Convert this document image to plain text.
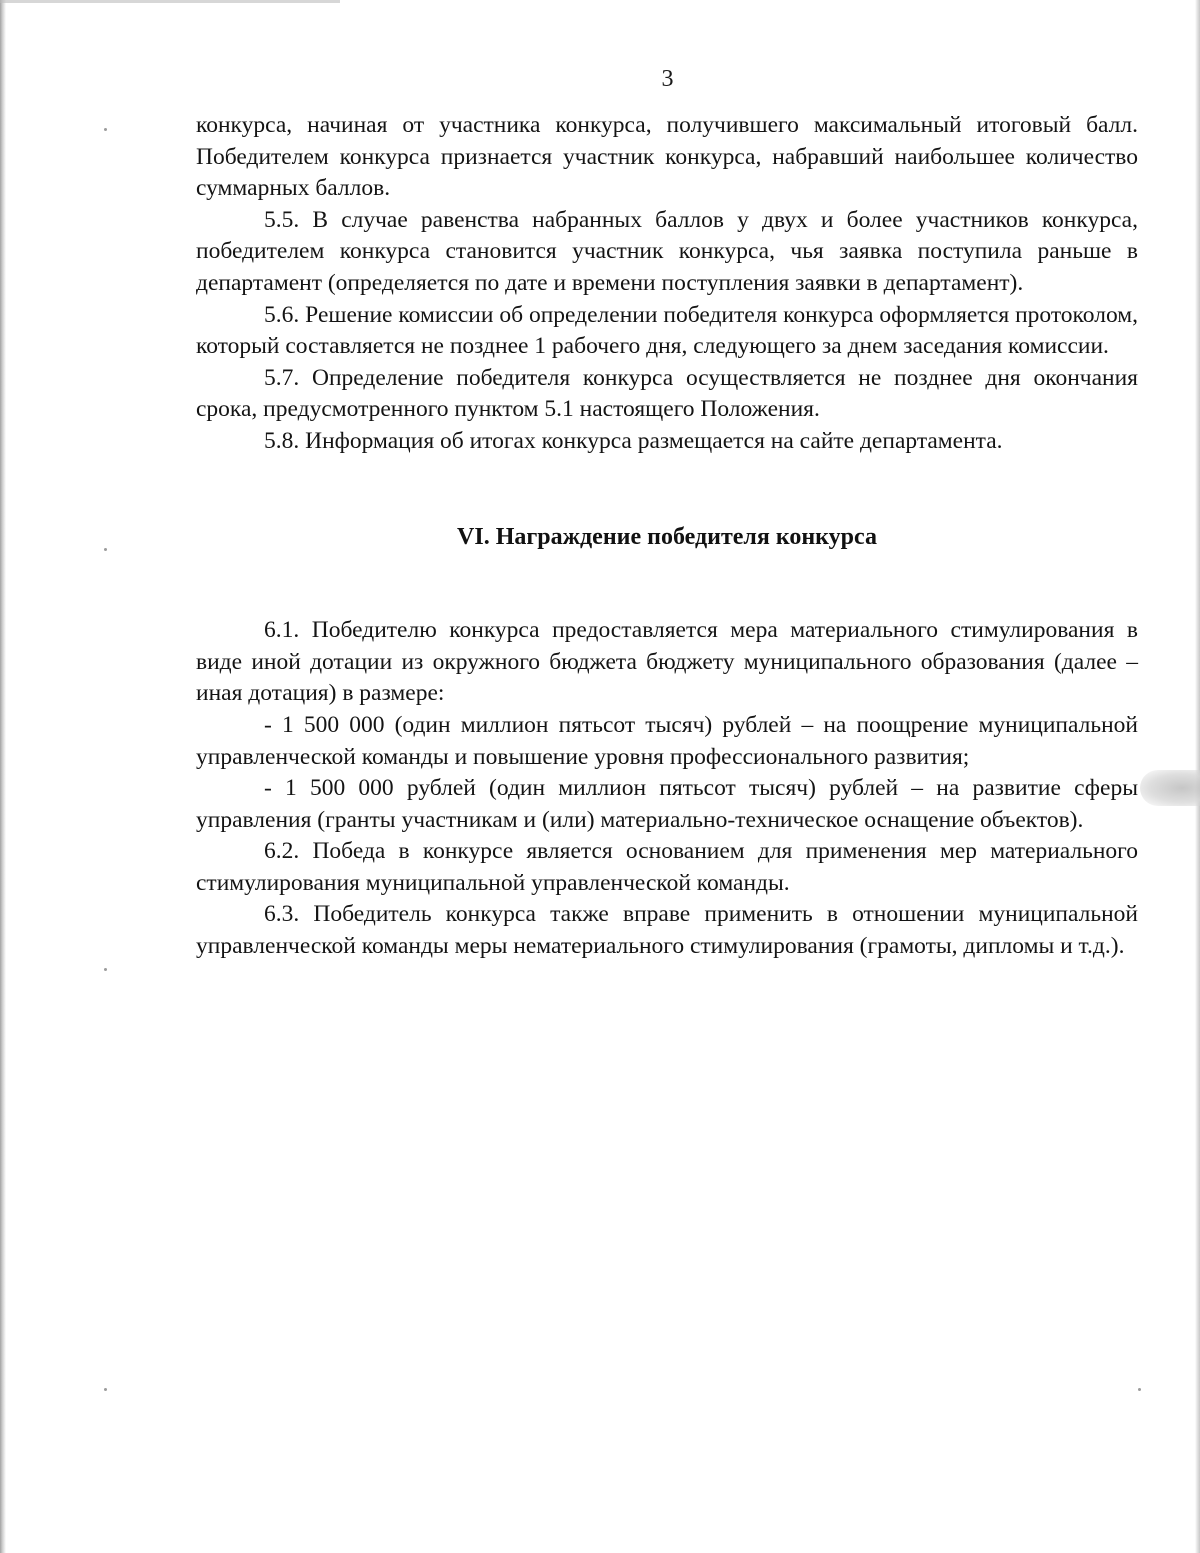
3

конкурса, начиная от участника конкурса, получившего максимальный итоговый балл. Победителем конкурса признается участник конкурса, набравший наибольшее количество суммарных баллов.

5.5. В случае равенства набранных баллов у двух и более участников конкурса, победителем конкурса становится участник конкурса, чья заявка поступила раньше в департамент (определяется по дате и времени поступления заявки в департамент).

5.6. Решение комиссии об определении победителя конкурса оформляется протоколом, который составляется не позднее 1 рабочего дня, следующего за днем заседания комиссии.

5.7. Определение победителя конкурса осуществляется не позднее дня окончания срока, предусмотренного пунктом 5.1 настоящего Положения.

5.8. Информация об итогах конкурса размещается на сайте департамента.

VI. Награждение победителя конкурса

6.1. Победителю конкурса предоставляется мера материального стимулирования в виде иной дотации из окружного бюджета бюджету муниципального образования (далее – иная дотация) в размере:

- 1 500 000 (один миллион пятьсот тысяч) рублей – на поощрение муниципальной управленческой команды и повышение уровня профессионального развития;

- 1 500 000 рублей (один миллион пятьсот тысяч) рублей – на развитие сферы управления (гранты участникам и (или) материально-техническое оснащение объектов).

6.2. Победа в конкурсе является основанием для применения мер материального стимулирования муниципальной управленческой команды.

6.3. Победитель конкурса также вправе применить в отношении муниципальной управленческой команды меры нематериального стимулирования (грамоты, дипломы и т.д.).
